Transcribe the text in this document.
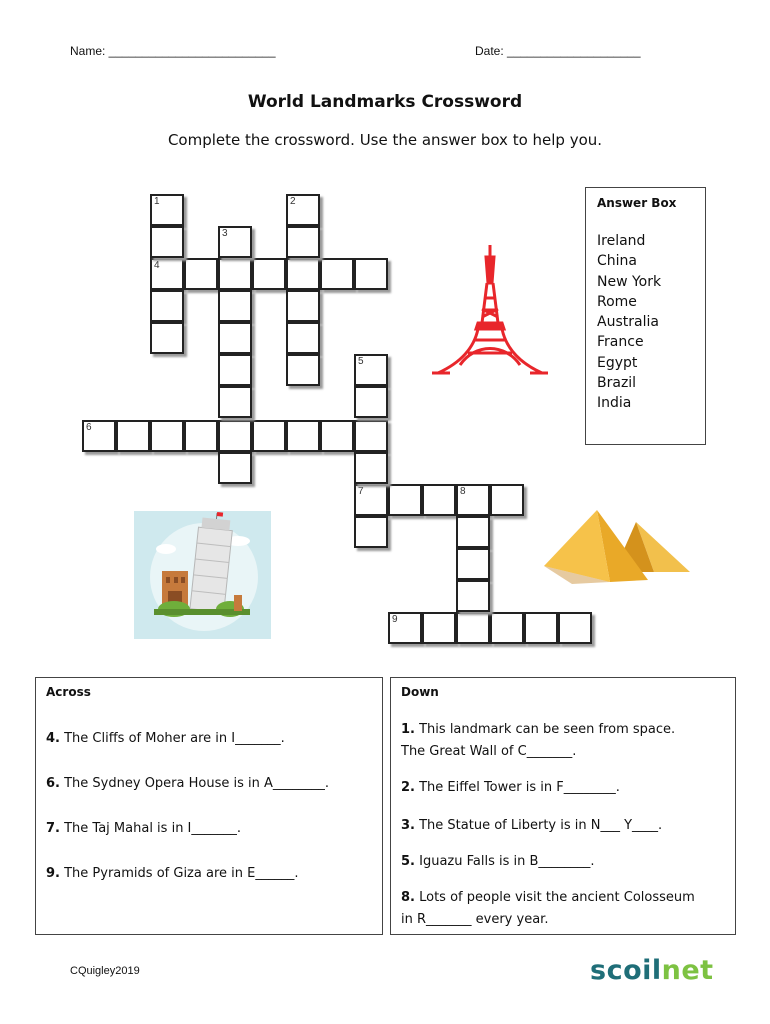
Name: _________________________	Date: ____________________
World Landmarks Crossword
Complete the crossword. Use the answer box to help you.
4
6
7	8
9
1	2
3
5
Answer Box
Ireland
China
New York
Rome
Australia
France
Egypt
Brazil
India
Across
4. The Cliffs of Moher are in I_______.
6. The Sydney Opera House is in A________.
7. The Taj Mahal is in I_______.
9. The Pyramids of Giza are in E______.
Down
1. This landmark can be seen from space.
The Great Wall of C_______.
2. The Eiffel Tower is in F________.
3. The Statue of Liberty is in N___ Y____.
5. Iguazu Falls is in B________.
8. Lots of people visit the ancient Colosseum
in R_______ every year.
CQuigley2019	scoilnet
